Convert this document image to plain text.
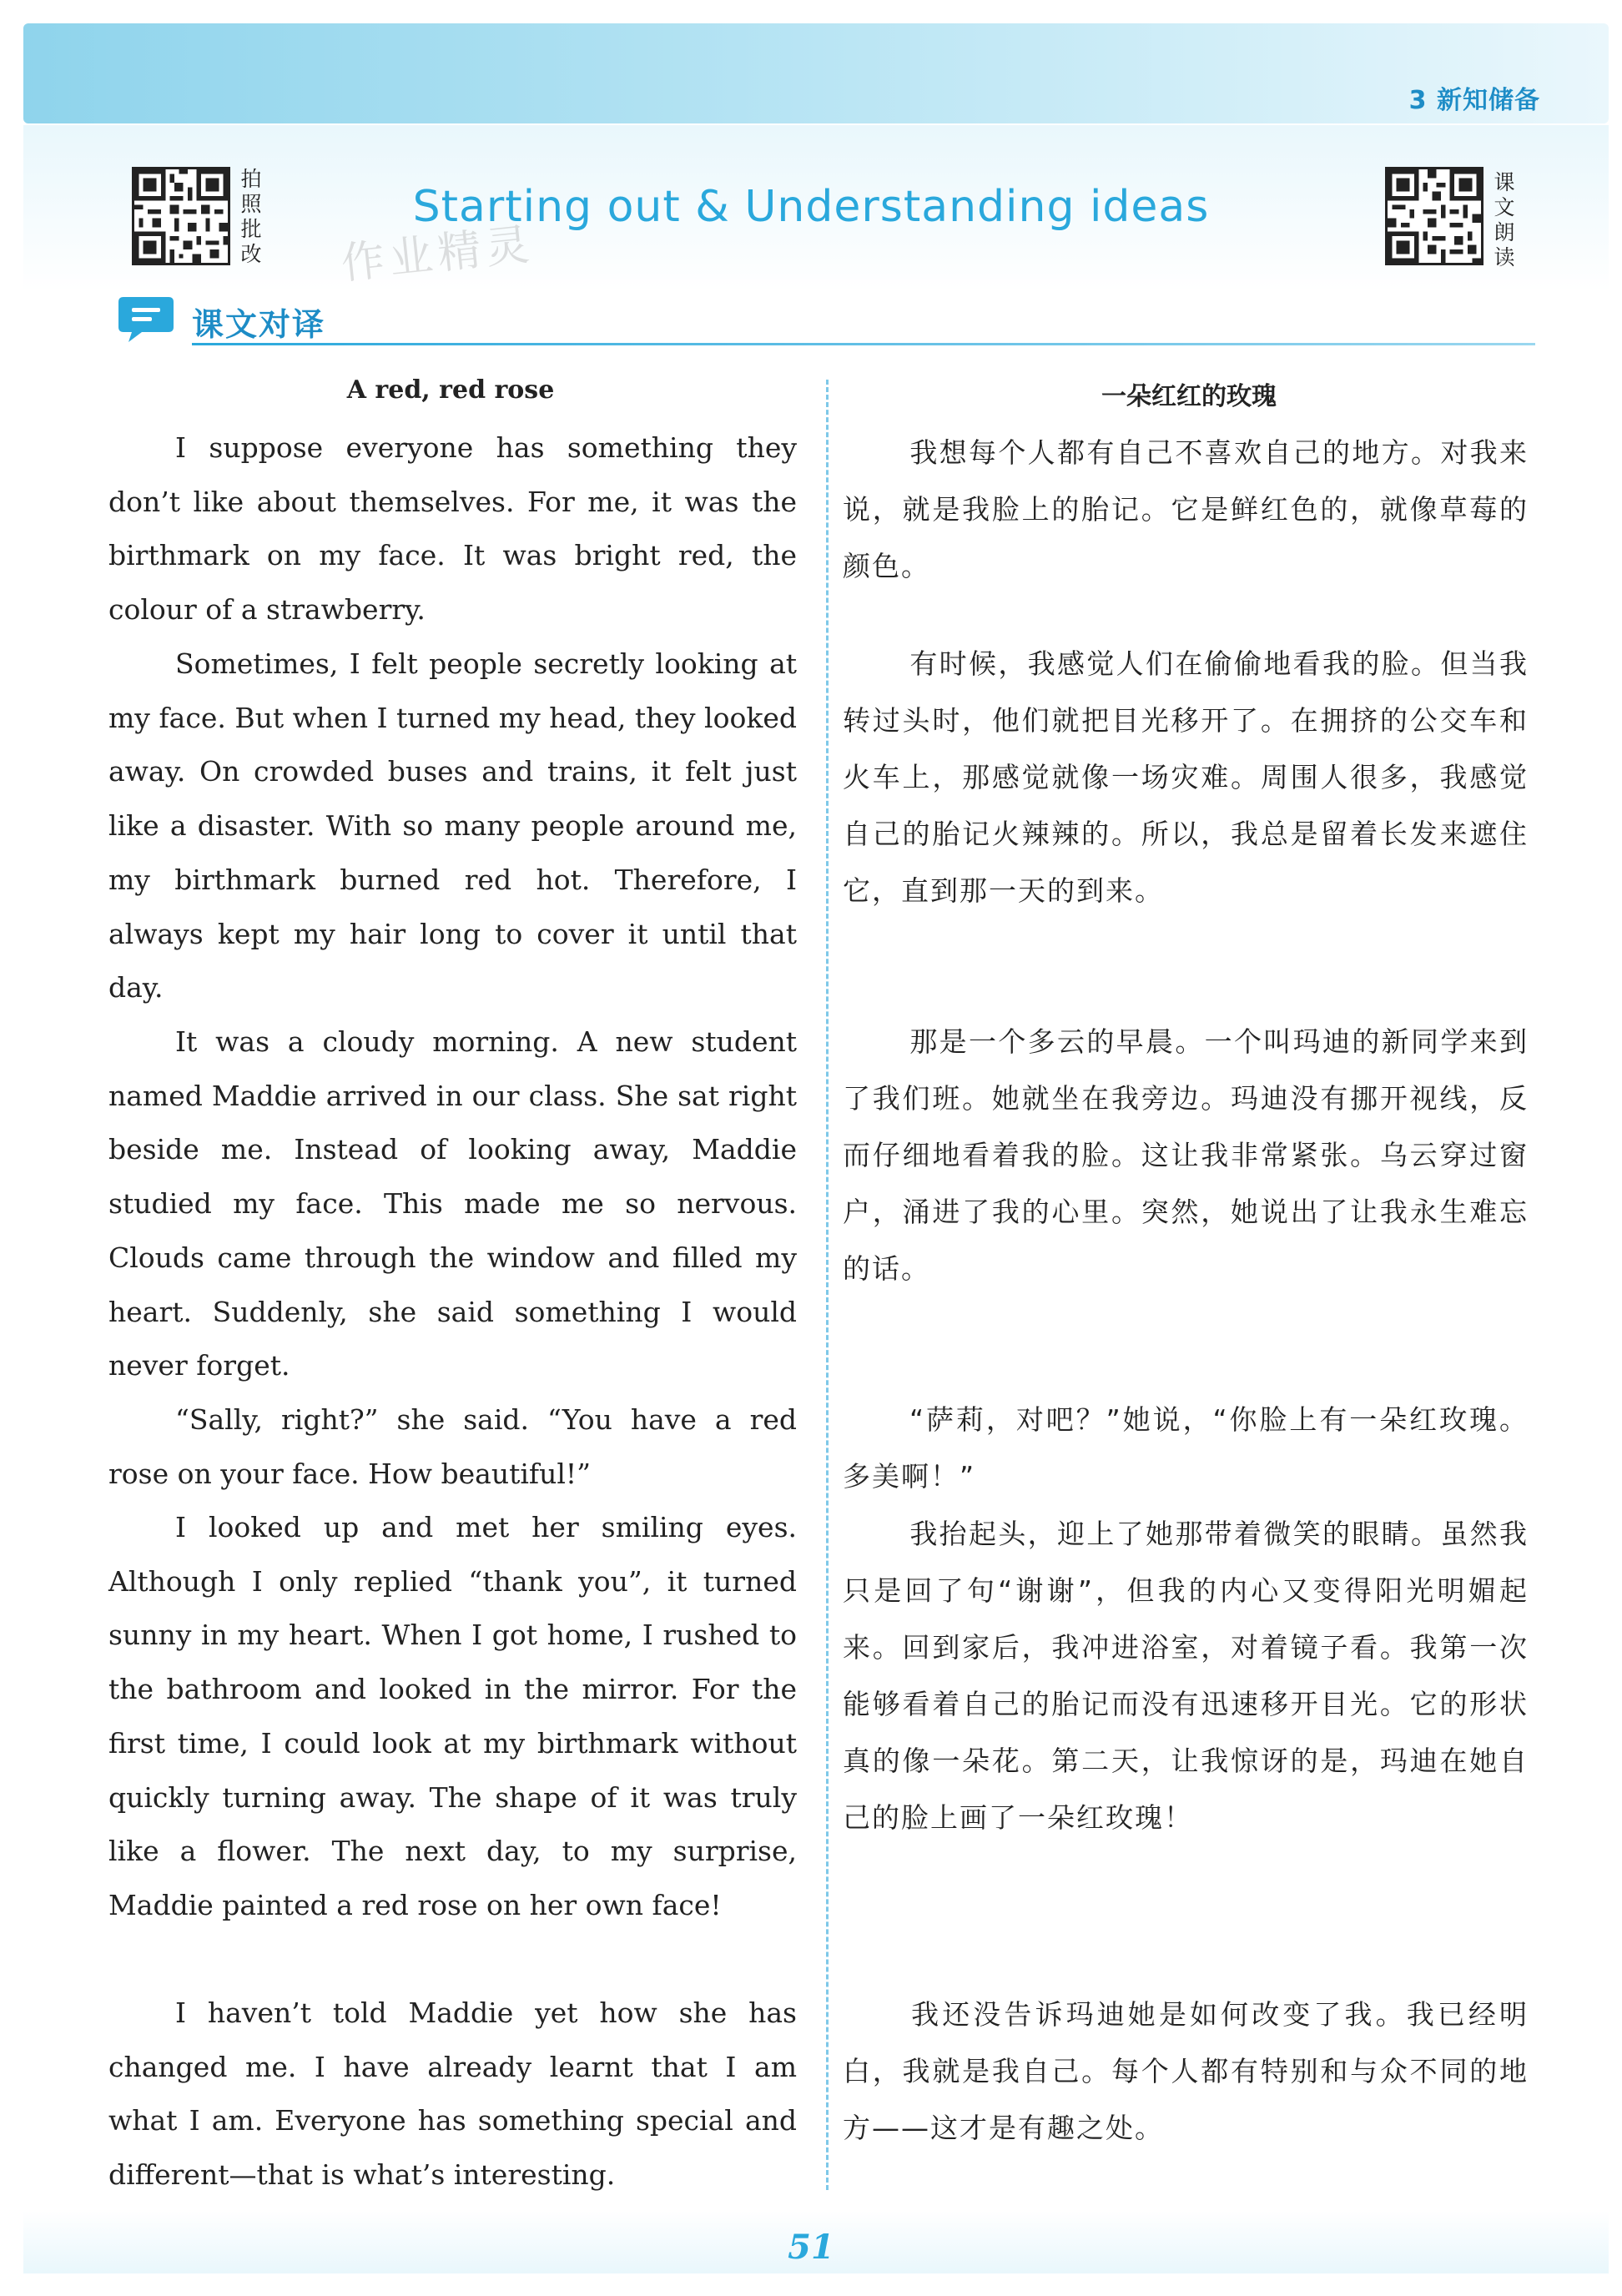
3 新知储备
拍照批改
Starting out & Understanding ideas
作业精灵
课文朗读
课文对译
A red, red rose

I suppose everyone has something they don’t like about themselves. For me, it was the birthmark on my face. It was bright red, the colour of a strawberry.

Sometimes, I felt people secretly looking at my face. But when I turned my head, they looked away. On crowded buses and trains, it felt just like a disaster. With so many people around me, my birthmark burned red hot. Therefore, I always kept my hair long to cover it until that day.

It was a cloudy morning. A new student named Maddie arrived in our class. She sat right beside me. Instead of looking away, Maddie studied my face. This made me so nervous. Clouds came through the window and filled my heart. Suddenly, she said something I would never forget.

“Sally, right?” she said. “You have a red rose on your face. How beautiful!”

I looked up and met her smiling eyes. Although I only replied “thank you”, it turned sunny in my heart. When I got home, I rushed to the bathroom and looked in the mirror. For the first time, I could look at my birthmark without quickly turning away. The shape of it was truly like a flower. The next day, to my surprise, Maddie painted a red rose on her own face!

I haven’t told Maddie yet how she has changed me. I have already learnt that I am what I am. Everyone has something special and different—that is what’s interesting.

一朵红红的玫瑰

我想每个人都有自己不喜欢自己的地方。对我来说，就是我脸上的胎记。它是鲜红色的，就像草莓的颜色。

有时候，我感觉人们在偷偷地看我的脸。但当我转过头时，他们就把目光移开了。在拥挤的公交车和火车上，那感觉就像一场灾难。周围人很多，我感觉自己的胎记火辣辣的。所以，我总是留着长发来遮住它，直到那一天的到来。

那是一个多云的早晨。一个叫玛迪的新同学来到了我们班。她就坐在我旁边。玛迪没有挪开视线，反而仔细地看着我的脸。这让我非常紧张。乌云穿过窗户，涌进了我的心里。突然，她说出了让我永生难忘的话。

“萨莉，对吧？”她说，“你脸上有一朵红玫瑰。多美啊！”

我抬起头，迎上了她那带着微笑的眼睛。虽然我只是回了句“谢谢”，但我的内心又变得阳光明媚起来。回到家后，我冲进浴室，对着镜子看。我第一次能够看着自己的胎记而没有迅速移开目光。它的形状真的像一朵花。第二天，让我惊讶的是，玛迪在她自己的脸上画了一朵红玫瑰！

我还没告诉玛迪她是如何改变了我。我已经明白，我就是我自己。每个人都有特别和与众不同的地方——这才是有趣之处。

51
